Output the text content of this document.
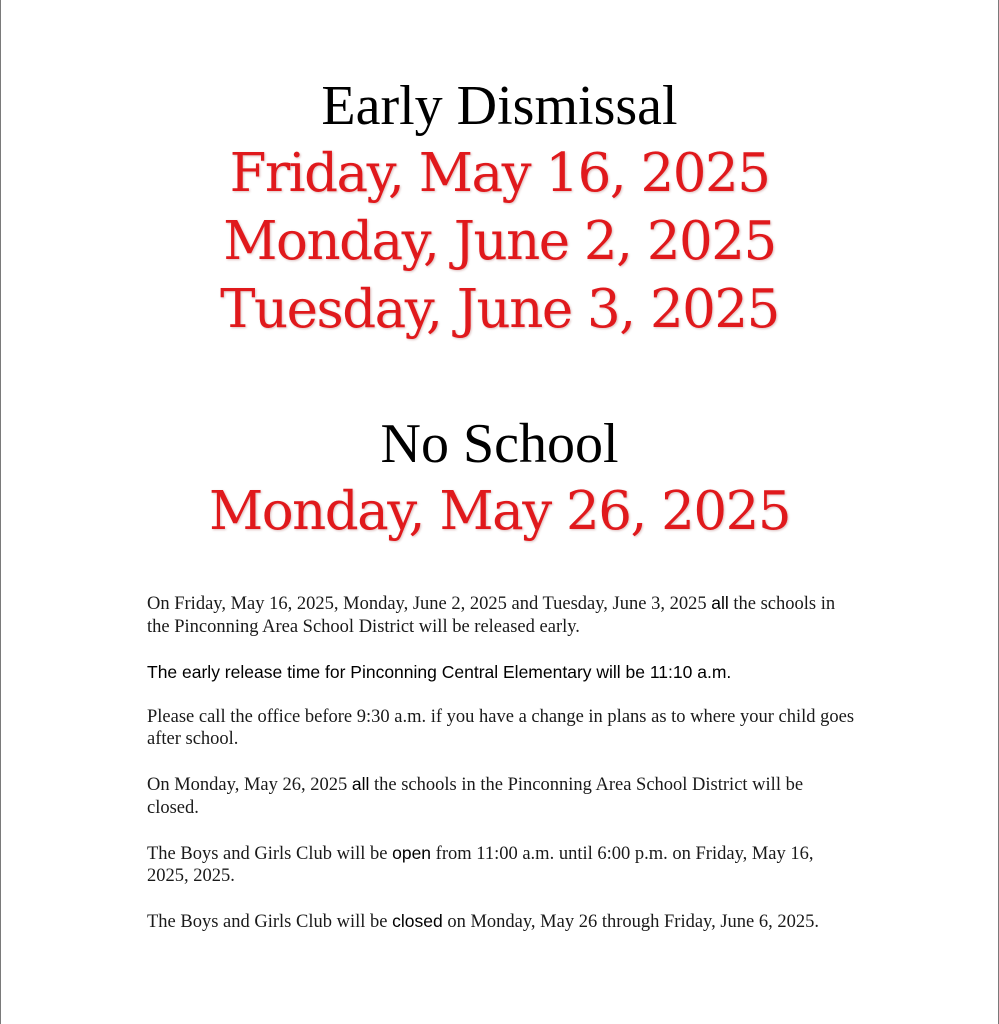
Early Dismissal
Friday, May 16, 2025
Monday, June 2, 2025
Tuesday, June 3, 2025
No School
Monday, May 26, 2025

On Friday, May 16, 2025, Monday, June 2, 2025 and Tuesday, June 3, 2025 all the schools in the Pinconning Area School District will be released early.

The early release time for Pinconning Central Elementary will be 11:10 a.m.

Please call the office before 9:30 a.m. if you have a change in plans as to where your child goes after school.

On Monday, May 26, 2025 all the schools in the Pinconning Area School District will be closed.

The Boys and Girls Club will be open from 11:00 a.m. until 6:00 p.m. on Friday, May 16, 2025, 2025.

The Boys and Girls Club will be closed on Monday, May 26 through Friday, June 6, 2025.
